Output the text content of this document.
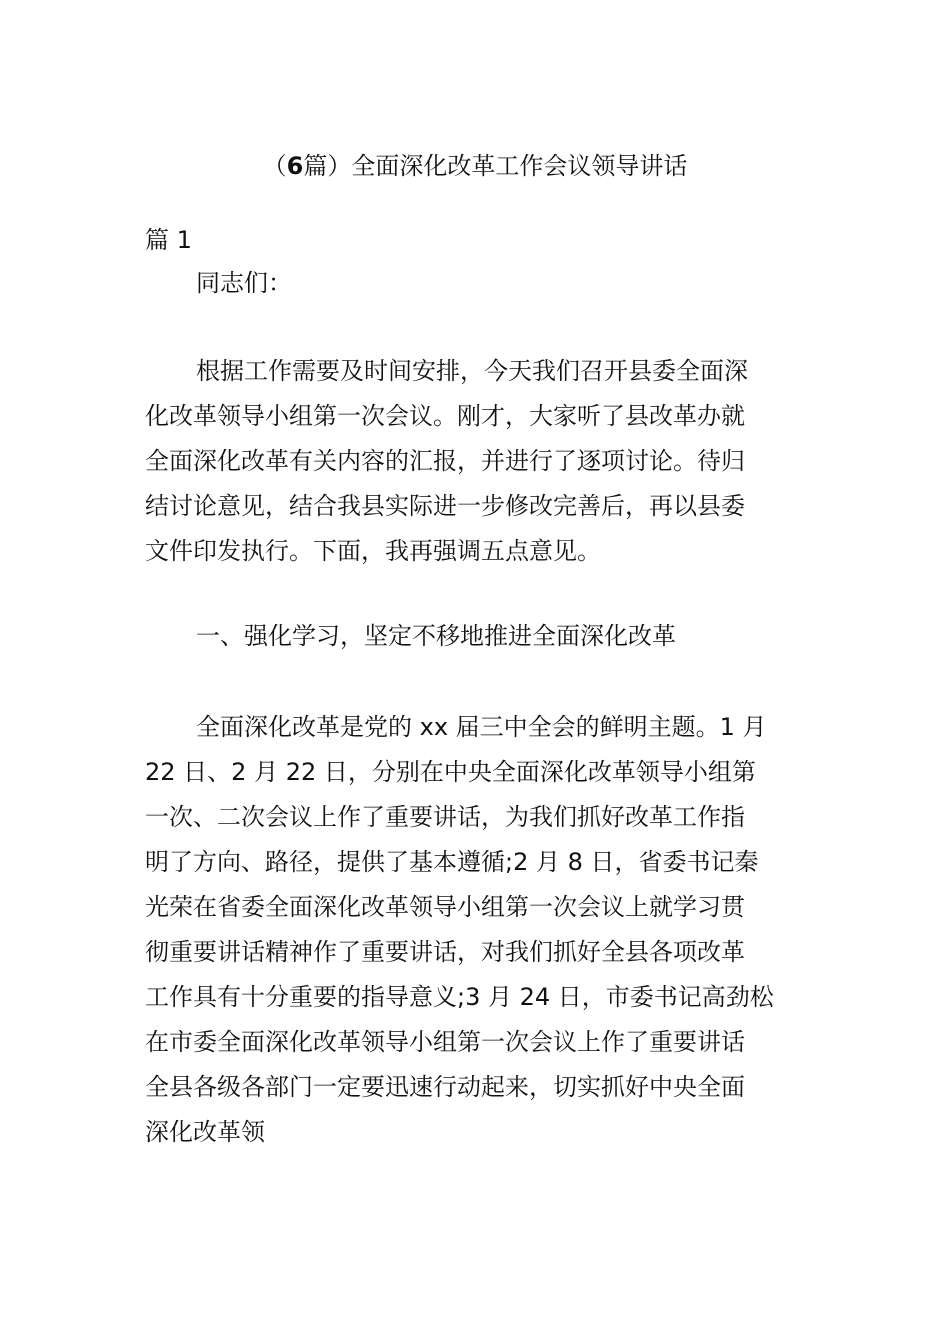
（6篇）全面深化改革工作会议领导讲话
篇 1
同志们：
根据工作需要及时间安排，今天我们召开县委全面深
化改革领导小组第一次会议。刚才，大家听了县改革办就
全面深化改革有关内容的汇报，并进行了逐项讨论。待归
结讨论意见，结合我县实际进一步修改完善后，再以县委
文件印发执行。下面，我再强调五点意见。
一、强化学习，坚定不移地推进全面深化改革
全面深化改革是党的 xx 届三中全会的鲜明主题。1 月
22 日、2 月 22 日，分别在中央全面深化改革领导小组第
一次、二次会议上作了重要讲话，为我们抓好改革工作指
明了方向、路径，提供了基本遵循;2 月 8 日，省委书记秦
光荣在省委全面深化改革领导小组第一次会议上就学习贯
彻重要讲话精神作了重要讲话，对我们抓好全县各项改革
工作具有十分重要的指导意义;3 月 24 日，市委书记高劲松
在市委全面深化改革领导小组第一次会议上作了重要讲话
全县各级各部门一定要迅速行动起来，切实抓好中央全面
深化改革领
